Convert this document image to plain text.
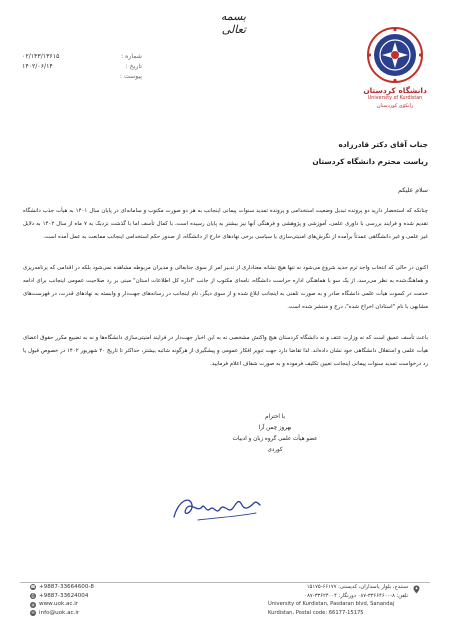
بسمه تعالی
۰۲/۱۴۳/۱۳۶۱۵	شماره :
۱۴۰۲/۰۶/۱۴	تاریخ :
پیوست :
دانشگاه کردستان
University of Kurdistan
زانکۆی کوردستان
جناب آقای دکتر قادرزاده
ریاست محترم دانشگاه کردستان
سلام علیکم
چنانکه که استحضار دارید دو پرونده تبدیل وضعیت استخدامی و پرونده تمدید سنوات پیمانی اینجانب به هر دو صورت مکتوب و سامانه‌ای در پایان سال ۱۴۰۱ به هیأت جذب دانشگاه تقدیم شده و فرایند بررسی با داوری علمی، آموزشی و پژوهشی و فرهنگی آنها نیز بیشتر به پایان رسیده است، با کمال تأسف اما با گذشت نزدیک به ۷ ماه از سال ۱۴۰۲ به دلایل غیر علمی و غیر دانشگاهی عمدتاً برآمده از نگرش‌های امنیتی‌سازی یا سیاسی برخی نهادهای خارج از دانشگاه، از صدور حکم استخدامی اینجانب ممانعت به عمل آمده است.
اکنون در حالی که انتخاب واحد ترم جدید شروع می‌شود نه تنها هیچ نشانه معناداری از تدبیر امر از سوی جنابعالی و مدیران مربوطه مشاهده نمی‌شود بلکه در اقدامی که برنامه‌ریزی و هماهنگ‌شده به نظر می‌رسد، از یک سو با هماهنگی اداره حراست دانشگاه، نامه‌ای مکتوب از جانب "اداره کل اطلاعات استان" مبنی بر رد صلاحیت عمومی اینجانب برای ادامه خدمت در کسوت هیأت علمی دانشگاه صادر و به صورت تلفنی به اینجانب ابلاغ شده و از سوی دیگر، نام اینجانب در رسانه‌های جهت‌دار و وابسته به نهادهای قدرت، در فهرست‌های مشابهی با نام "استادان اخراج شده"، درج و منتشر شده است.
باعث تأسف عمیق است که نه وزارت عتف و نه دانشگاه کردستان هیچ واکنش مشخصی نه به این اخبار جهت‌دار در فرایند امنیتی‌سازی دانشگاه‌ها و نه به تضییع مکرر حقوق اعضای هیأت علمی و استقلال دانشگاهی خود نشان داده‌اند. لذا تقاضا دارد جهت تنویر افکار عمومی و پیشگیری از هرگونه شائبه بیشتر، حداکثر تا تاریخ ۲۰ شهریور ۱۴۰۲ در خصوص قبول یا رد درخواست تمدید سنوات پیمانی اینجانب تعیین تکلیف فرموده و به صورت شفاف اعلام فرمایید.
با احترام
بهروز چمن آرا
عضو هیأت علمی گروه زبان و ادبیات کوردی
☎ +9887-33664600-8
⎙ +9887-33624004
◍ www.uok.ac.ir
✉ info@uok.ac.ir
سنندج، بلوار پاسداران، کدپستی: ۶۶۱۷۷-۱۵۱۷۵
تلفن: ۸-۳۳۶۶۴۶۰۰-۰۸۷ دورنگار: ۳۳۶۲۴۰۰۴-۰۸۷
University of Kurdistan, Pasdaran blvd, Sanandaj
Kurdistan, Postal code: 66177-15175
